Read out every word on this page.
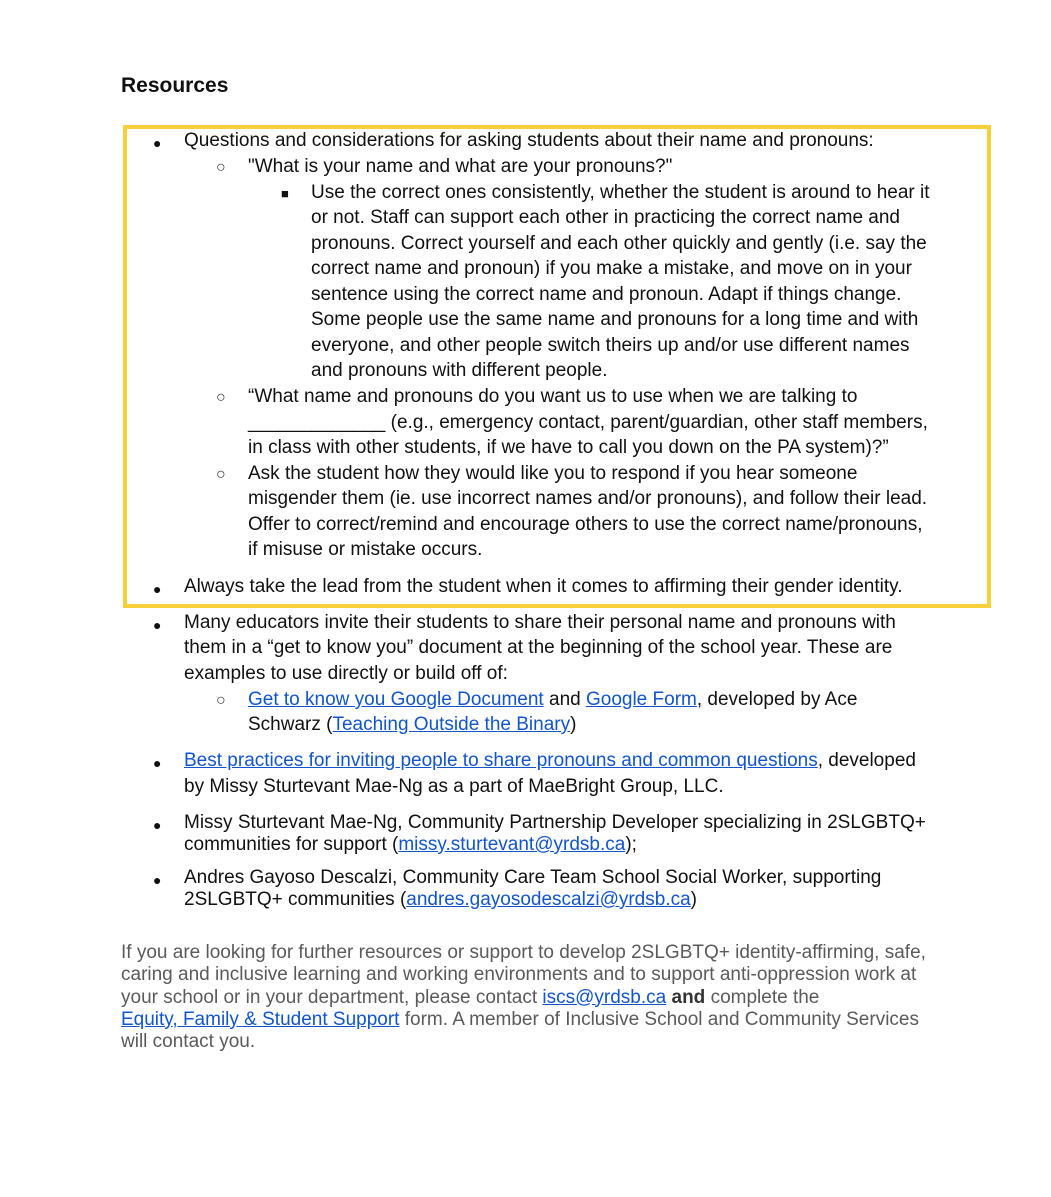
Resources
● Questions and considerations for asking students about their name and pronouns:
○ "What is your name and what are your pronouns?"
■ Use the correct ones consistently, whether the student is around to hear it
or not. Staff can support each other in practicing the correct name and
pronouns. Correct yourself and each other quickly and gently (i.e. say the
correct name and pronoun) if you make a mistake, and move on in your
sentence using the correct name and pronoun. Adapt if things change.
Some people use the same name and pronouns for a long time and with
everyone, and other people switch theirs up and/or use different names
and pronouns with different people.
○ “What name and pronouns do you want us to use when we are talking to
_____________ (e.g., emergency contact, parent/guardian, other staff members,
in class with other students, if we have to call you down on the PA system)?”
○ Ask the student how they would like you to respond if you hear someone
misgender them (ie. use incorrect names and/or pronouns), and follow their lead.
Offer to correct/remind and encourage others to use the correct name/pronouns,
if misuse or mistake occurs.
● Always take the lead from the student when it comes to affirming their gender identity.
● Many educators invite their students to share their personal name and pronouns with
them in a “get to know you” document at the beginning of the school year. These are
examples to use directly or build off of:
○ Get to know you Google Document and Google Form, developed by Ace
Schwarz (Teaching Outside the Binary)
● Best practices for inviting people to share pronouns and common questions, developed
by Missy Sturtevant Mae-Ng as a part of MaeBright Group, LLC.
● Missy Sturtevant Mae-Ng, Community Partnership Developer specializing in 2SLGBTQ+
communities for support (missy.sturtevant@yrdsb.ca);
● Andres Gayoso Descalzi, Community Care Team School Social Worker, supporting
2SLGBTQ+ communities (andres.gayosodescalzi@yrdsb.ca)
If you are looking for further resources or support to develop 2SLGBTQ+ identity-affirming, safe,
caring and inclusive learning and working environments and to support anti-oppression work at
your school or in your department, please contact iscs@yrdsb.ca and complete the
Equity, Family & Student Support form. A member of Inclusive School and Community Services
will contact you.
